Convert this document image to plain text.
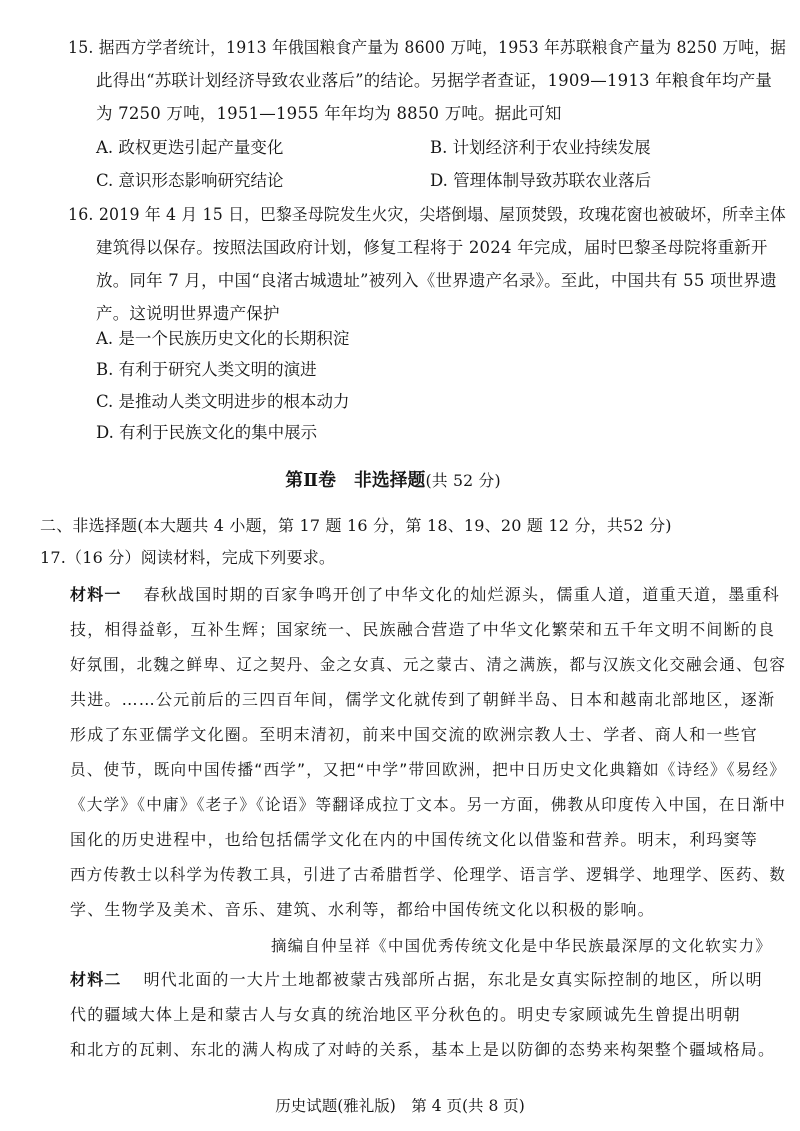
15. 据西方学者统计，1913 年俄国粮食产量为 8600 万吨，1953 年苏联粮食产量为 8250 万吨，据
此得出“苏联计划经济导致农业落后”的结论。另据学者查证，1909—1913 年粮食年均产量
为 7250 万吨，1951—1955 年年均为 8850 万吨。据此可知
A. 政权更迭引起产量变化	B. 计划经济利于农业持续发展
C. 意识形态影响研究结论	D. 管理体制导致苏联农业落后
16. 2019 年 4 月 15 日，巴黎圣母院发生火灾，尖塔倒塌、屋顶焚毁，玫瑰花窗也被破坏，所幸主体
建筑得以保存。按照法国政府计划，修复工程将于 2024 年完成，届时巴黎圣母院将重新开
放。同年 7 月，中国“良渚古城遗址”被列入《世界遗产名录》。至此，中国共有 55 项世界遗
产。这说明世界遗产保护
A. 是一个民族历史文化的长期积淀
B. 有利于研究人类文明的演进
C. 是推动人类文明进步的根本动力
D. 有利于民族文化的集中展示
第Ⅱ卷　非选择题(共 52 分)
二、非选择题(本大题共 4 小题，第 17 题 16 分，第 18、19、20 题 12 分，共52 分)
17.（16 分）阅读材料，完成下列要求。
材料一 春秋战国时期的百家争鸣开创了中华文化的灿烂源头，儒重人道，道重天道，墨重科
技，相得益彰，互补生辉；国家统一、民族融合营造了中华文化繁荣和五千年文明不间断的良
好氛围，北魏之鲜卑、辽之契丹、金之女真、元之蒙古、清之满族，都与汉族文化交融会通、包容
共进。……公元前后的三四百年间，儒学文化就传到了朝鲜半岛、日本和越南北部地区，逐渐
形成了东亚儒学文化圈。至明末清初，前来中国交流的欧洲宗教人士、学者、商人和一些官
员、使节，既向中国传播“西学”，又把“中学”带回欧洲，把中日历史文化典籍如《诗经》《易经》
《大学》《中庸》《老子》《论语》等翻译成拉丁文本。另一方面，佛教从印度传入中国，在日渐中
国化的历史进程中，也给包括儒学文化在内的中国传统文化以借鉴和营养。明末，利玛窦等
西方传教士以科学为传教工具，引进了古希腊哲学、伦理学、语言学、逻辑学、地理学、医药、数
学、生物学及美术、音乐、建筑、水利等，都给中国传统文化以积极的影响。
摘编自仲呈祥《中国优秀传统文化是中华民族最深厚的文化软实力》
材料二 明代北面的一大片土地都被蒙古残部所占据，东北是女真实际控制的地区，所以明
代的疆域大体上是和蒙古人与女真的统治地区平分秋色的。明史专家顾诚先生曾提出明朝
和北方的瓦剌、东北的满人构成了对峙的关系，基本上是以防御的态势来构架整个疆域格局。
历史试题(雅礼版)　第 4 页(共 8 页)
